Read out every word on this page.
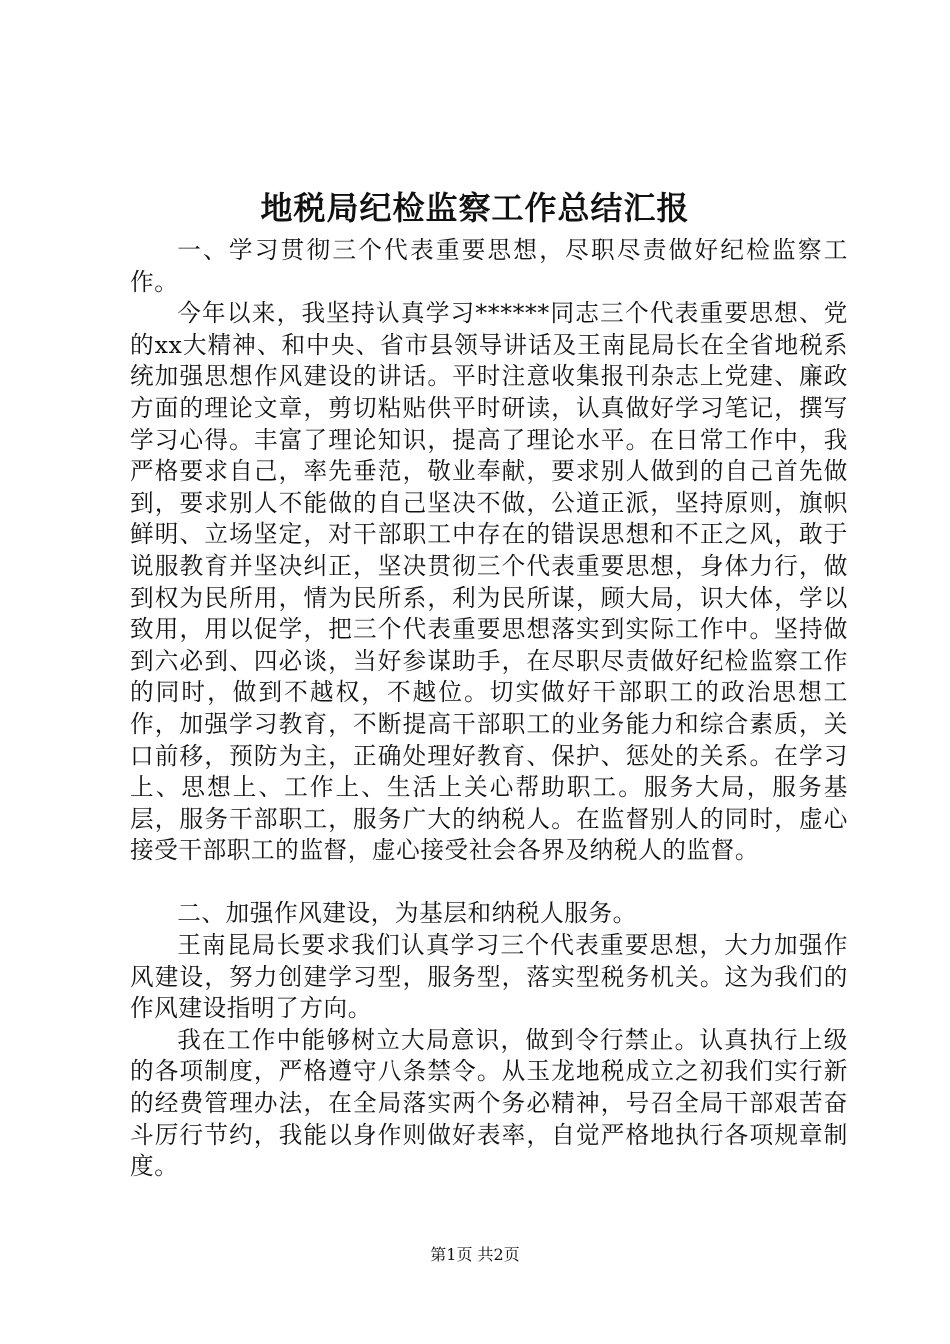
地税局纪检监察工作总结汇报

一、学习贯彻三个代表重要思想，尽职尽责做好纪检监察工作。

今年以来，我坚持认真学习******同志三个代表重要思想、党的xx大精神、和中央、省市县领导讲话及王南昆局长在全省地税系统加强思想作风建设的讲话。平时注意收集报刊杂志上党建、廉政方面的理论文章，剪切粘贴供平时研读，认真做好学习笔记，撰写学习心得。丰富了理论知识，提高了理论水平。在日常工作中，我严格要求自己，率先垂范，敬业奉献，要求别人做到的自己首先做到，要求别人不能做的自己坚决不做，公道正派，坚持原则，旗帜鲜明、立场坚定，对干部职工中存在的错误思想和不正之风，敢于说服教育并坚决纠正，坚决贯彻三个代表重要思想，身体力行，做到权为民所用，情为民所系，利为民所谋，顾大局，识大体，学以致用，用以促学，把三个代表重要思想落实到实际工作中。坚持做到六必到、四必谈，当好参谋助手，在尽职尽责做好纪检监察工作的同时，做到不越权，不越位。切实做好干部职工的政治思想工作，加强学习教育，不断提高干部职工的业务能力和综合素质，关口前移，预防为主，正确处理好教育、保护、惩处的关系。在学习上、思想上、工作上、生活上关心帮助职工。服务大局，服务基层，服务干部职工，服务广大的纳税人。在监督别人的同时，虚心接受干部职工的监督，虚心接受社会各界及纳税人的监督。

二、加强作风建设，为基层和纳税人服务。

王南昆局长要求我们认真学习三个代表重要思想，大力加强作风建设，努力创建学习型，服务型，落实型税务机关。这为我们的作风建设指明了方向。

我在工作中能够树立大局意识，做到令行禁止。认真执行上级的各项制度，严格遵守八条禁令。从玉龙地税成立之初我们实行新的经费管理办法，在全局落实两个务必精神，号召全局干部艰苦奋斗厉行节约，我能以身作则做好表率，自觉严格地执行各项规章制度。

第1页 共2页
